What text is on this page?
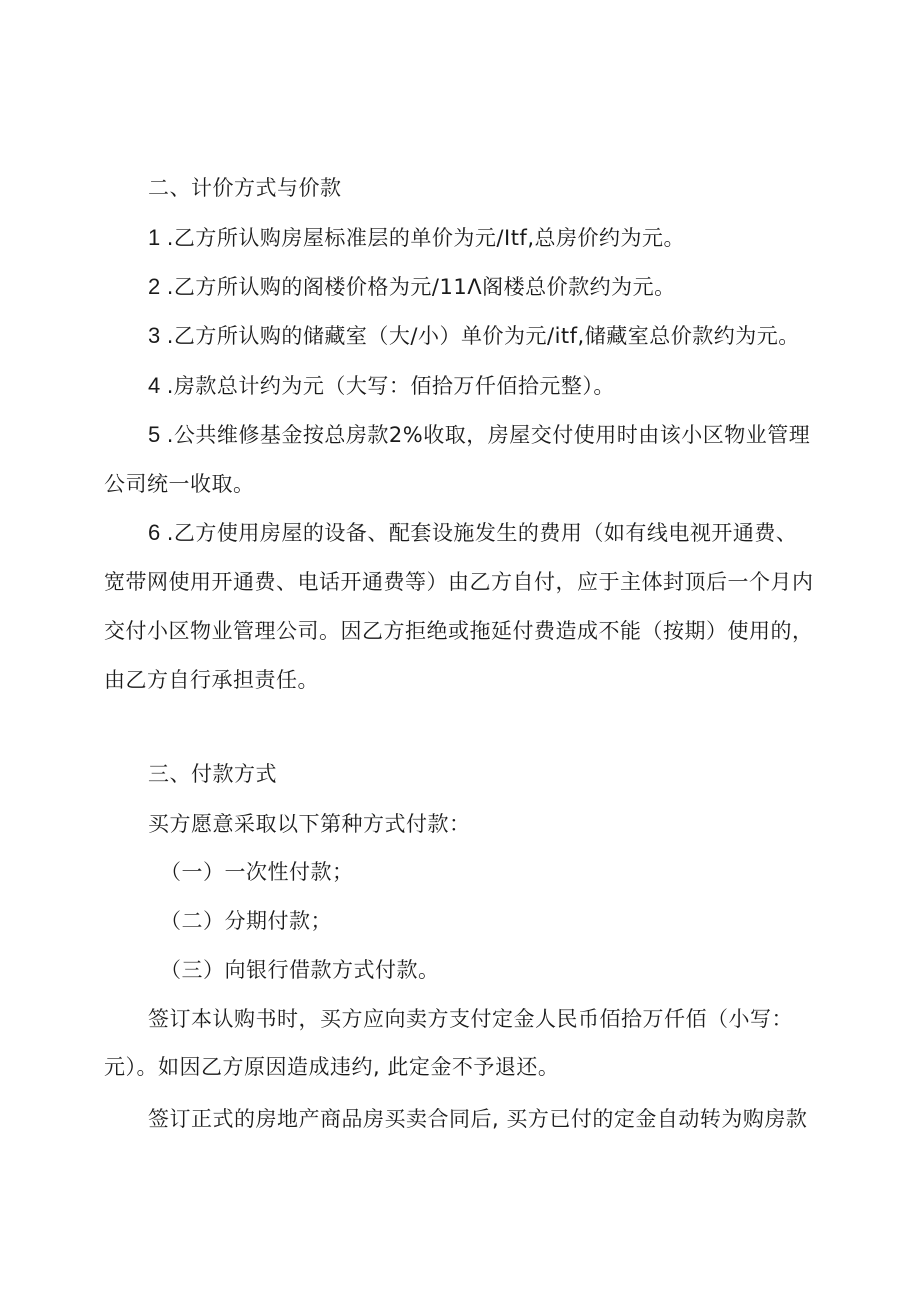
二、计价方式与价款
1 .乙方所认购房屋标准层的单价为元/Itf,总房价约为元。
2 .乙方所认购的阁楼价格为元/11Λ阁楼总价款约为元。
3 .乙方所认购的储藏室（大/小）单价为元/itf,储藏室总价款约为元。
4 .房款总计约为元（大写：佰拾万仟佰拾元整）。
5 .公共维修基金按总房款2%收取，房屋交付使用时由该小区物业管理
公司统一收取。
6 .乙方使用房屋的设备、配套设施发生的费用（如有线电视开通费、
宽带网使用开通费、电话开通费等）由乙方自付，应于主体封顶后一个月内
交付小区物业管理公司。因乙方拒绝或拖延付费造成不能（按期）使用的，
由乙方自行承担责任。
三、付款方式
买方愿意采取以下第种方式付款：
（一）一次性付款；
（二）分期付款；
（三）向银行借款方式付款。
签订本认购书时，买方应向卖方支付定金人民币佰拾万仟佰（小写：
元）。如因乙方原因造成违约, 此定金不予退还。
签订正式的房地产商品房买卖合同后, 买方已付的定金自动转为购房款
